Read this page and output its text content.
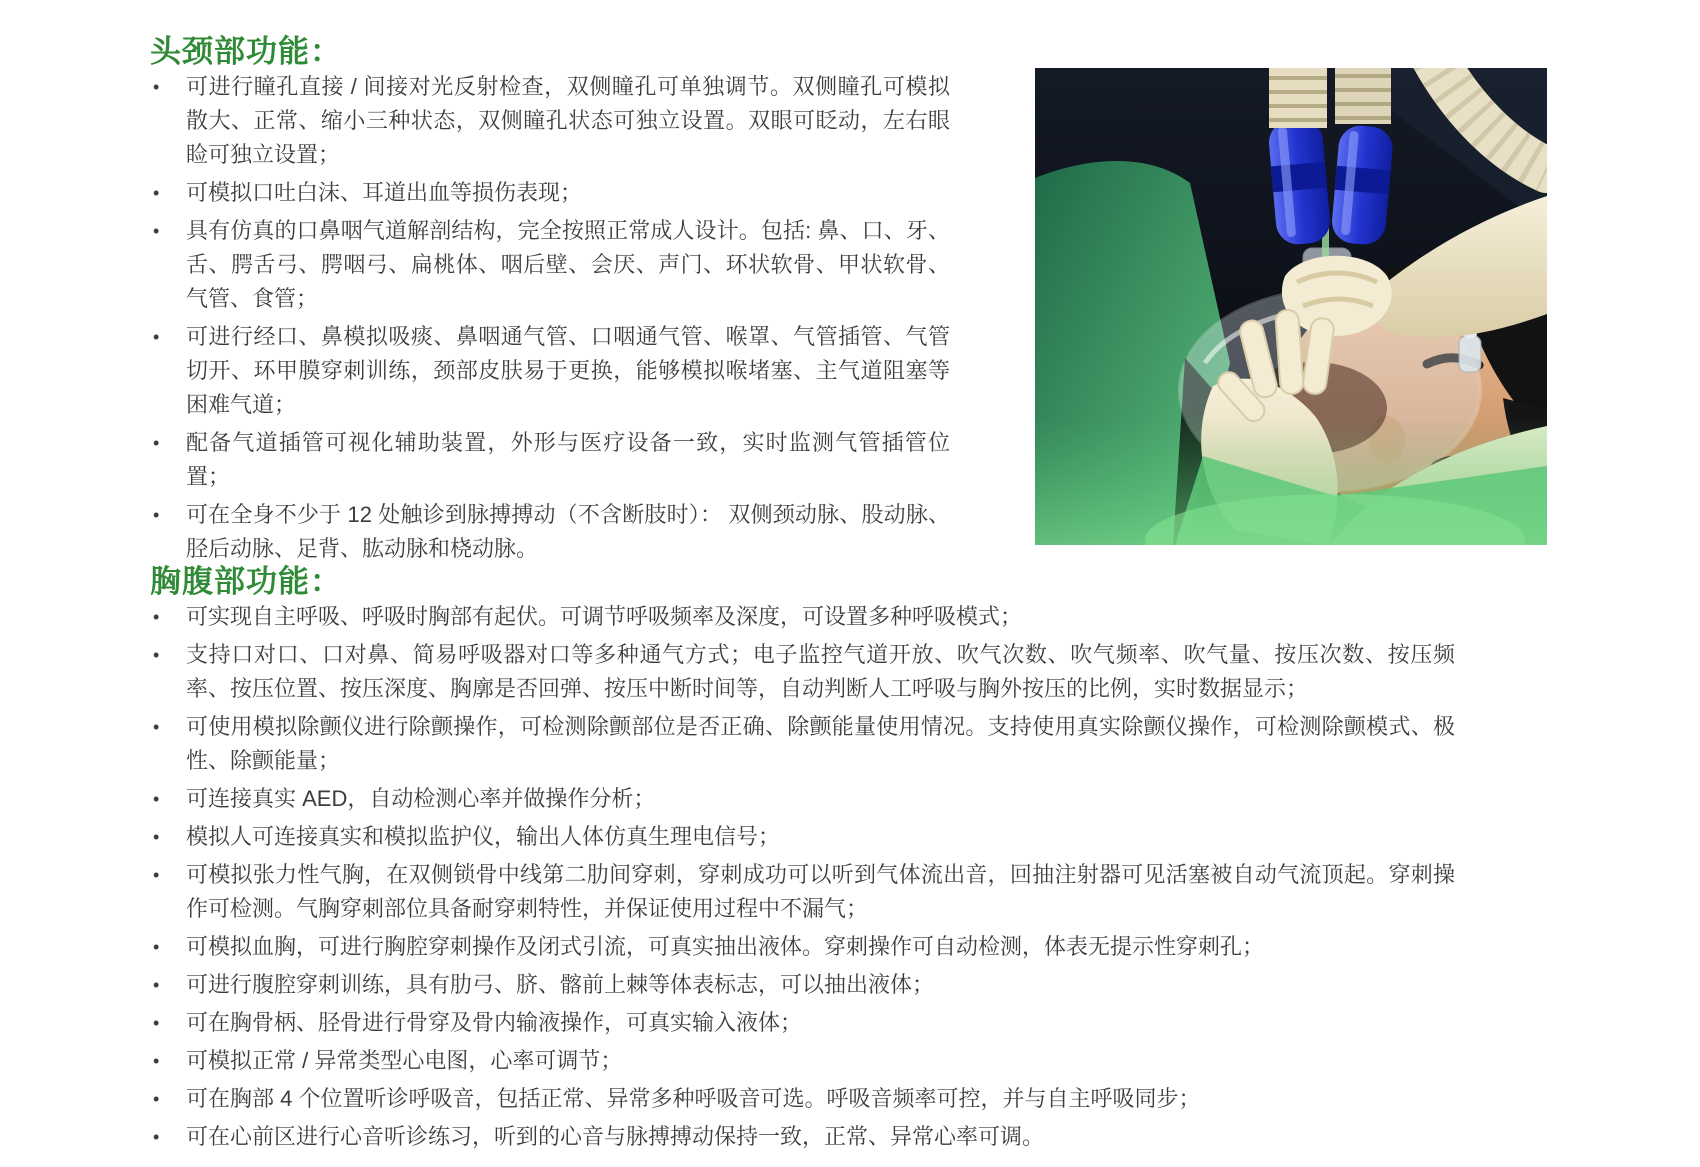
头颈部功能：
• 可进行瞳孔直接 / 间接对光反射检查，双侧瞳孔可单独调节。双侧瞳孔可模拟散大、正常、缩小三种状态，双侧瞳孔状态可独立设置。双眼可眨动，左右眼睑可独立设置；
• 可模拟口吐白沫、耳道出血等损伤表现；
• 具有仿真的口鼻咽气道解剖结构，完全按照正常成人设计。包括: 鼻、口、牙、舌、腭舌弓、腭咽弓、扁桃体、咽后壁、会厌、声门、环状软骨、甲状软骨、气管、食管；
• 可进行经口、鼻模拟吸痰、鼻咽通气管、口咽通气管、喉罩、气管插管、气管切开、环甲膜穿刺训练，颈部皮肤易于更换，能够模拟喉堵塞、主气道阻塞等困难气道；
• 配备气道插管可视化辅助装置，外形与医疗设备一致，实时监测气管插管位置；
• 可在全身不少于 12 处触诊到脉搏搏动（不含断肢时）： 双侧颈动脉、股动脉、胫后动脉、足背、肱动脉和桡动脉。
胸腹部功能：
• 可实现自主呼吸、呼吸时胸部有起伏。可调节呼吸频率及深度，可设置多种呼吸模式；
• 支持口对口、口对鼻、简易呼吸器对口等多种通气方式；电子监控气道开放、吹气次数、吹气频率、吹气量、按压次数、按压频率、按压位置、按压深度、胸廓是否回弹、按压中断时间等，自动判断人工呼吸与胸外按压的比例，实时数据显示；
• 可使用模拟除颤仪进行除颤操作，可检测除颤部位是否正确、除颤能量使用情况。支持使用真实除颤仪操作，可检测除颤模式、极性、除颤能量；
• 可连接真实 AED，自动检测心率并做操作分析；
• 模拟人可连接真实和模拟监护仪，输出人体仿真生理电信号；
• 可模拟张力性气胸，在双侧锁骨中线第二肋间穿刺，穿刺成功可以听到气体流出音，回抽注射器可见活塞被自动气流顶起。穿刺操作可检测。气胸穿刺部位具备耐穿刺特性，并保证使用过程中不漏气；
• 可模拟血胸，可进行胸腔穿刺操作及闭式引流，可真实抽出液体。穿刺操作可自动检测，体表无提示性穿刺孔；
• 可进行腹腔穿刺训练，具有肋弓、脐、髂前上棘等体表标志，可以抽出液体；
• 可在胸骨柄、胫骨进行骨穿及骨内输液操作，可真实输入液体；
• 可模拟正常 / 异常类型心电图，心率可调节；
• 可在胸部 4 个位置听诊呼吸音，包括正常、异常多种呼吸音可选。呼吸音频率可控，并与自主呼吸同步；
• 可在心前区进行心音听诊练习，听到的心音与脉搏搏动保持一致，正常、异常心率可调。
